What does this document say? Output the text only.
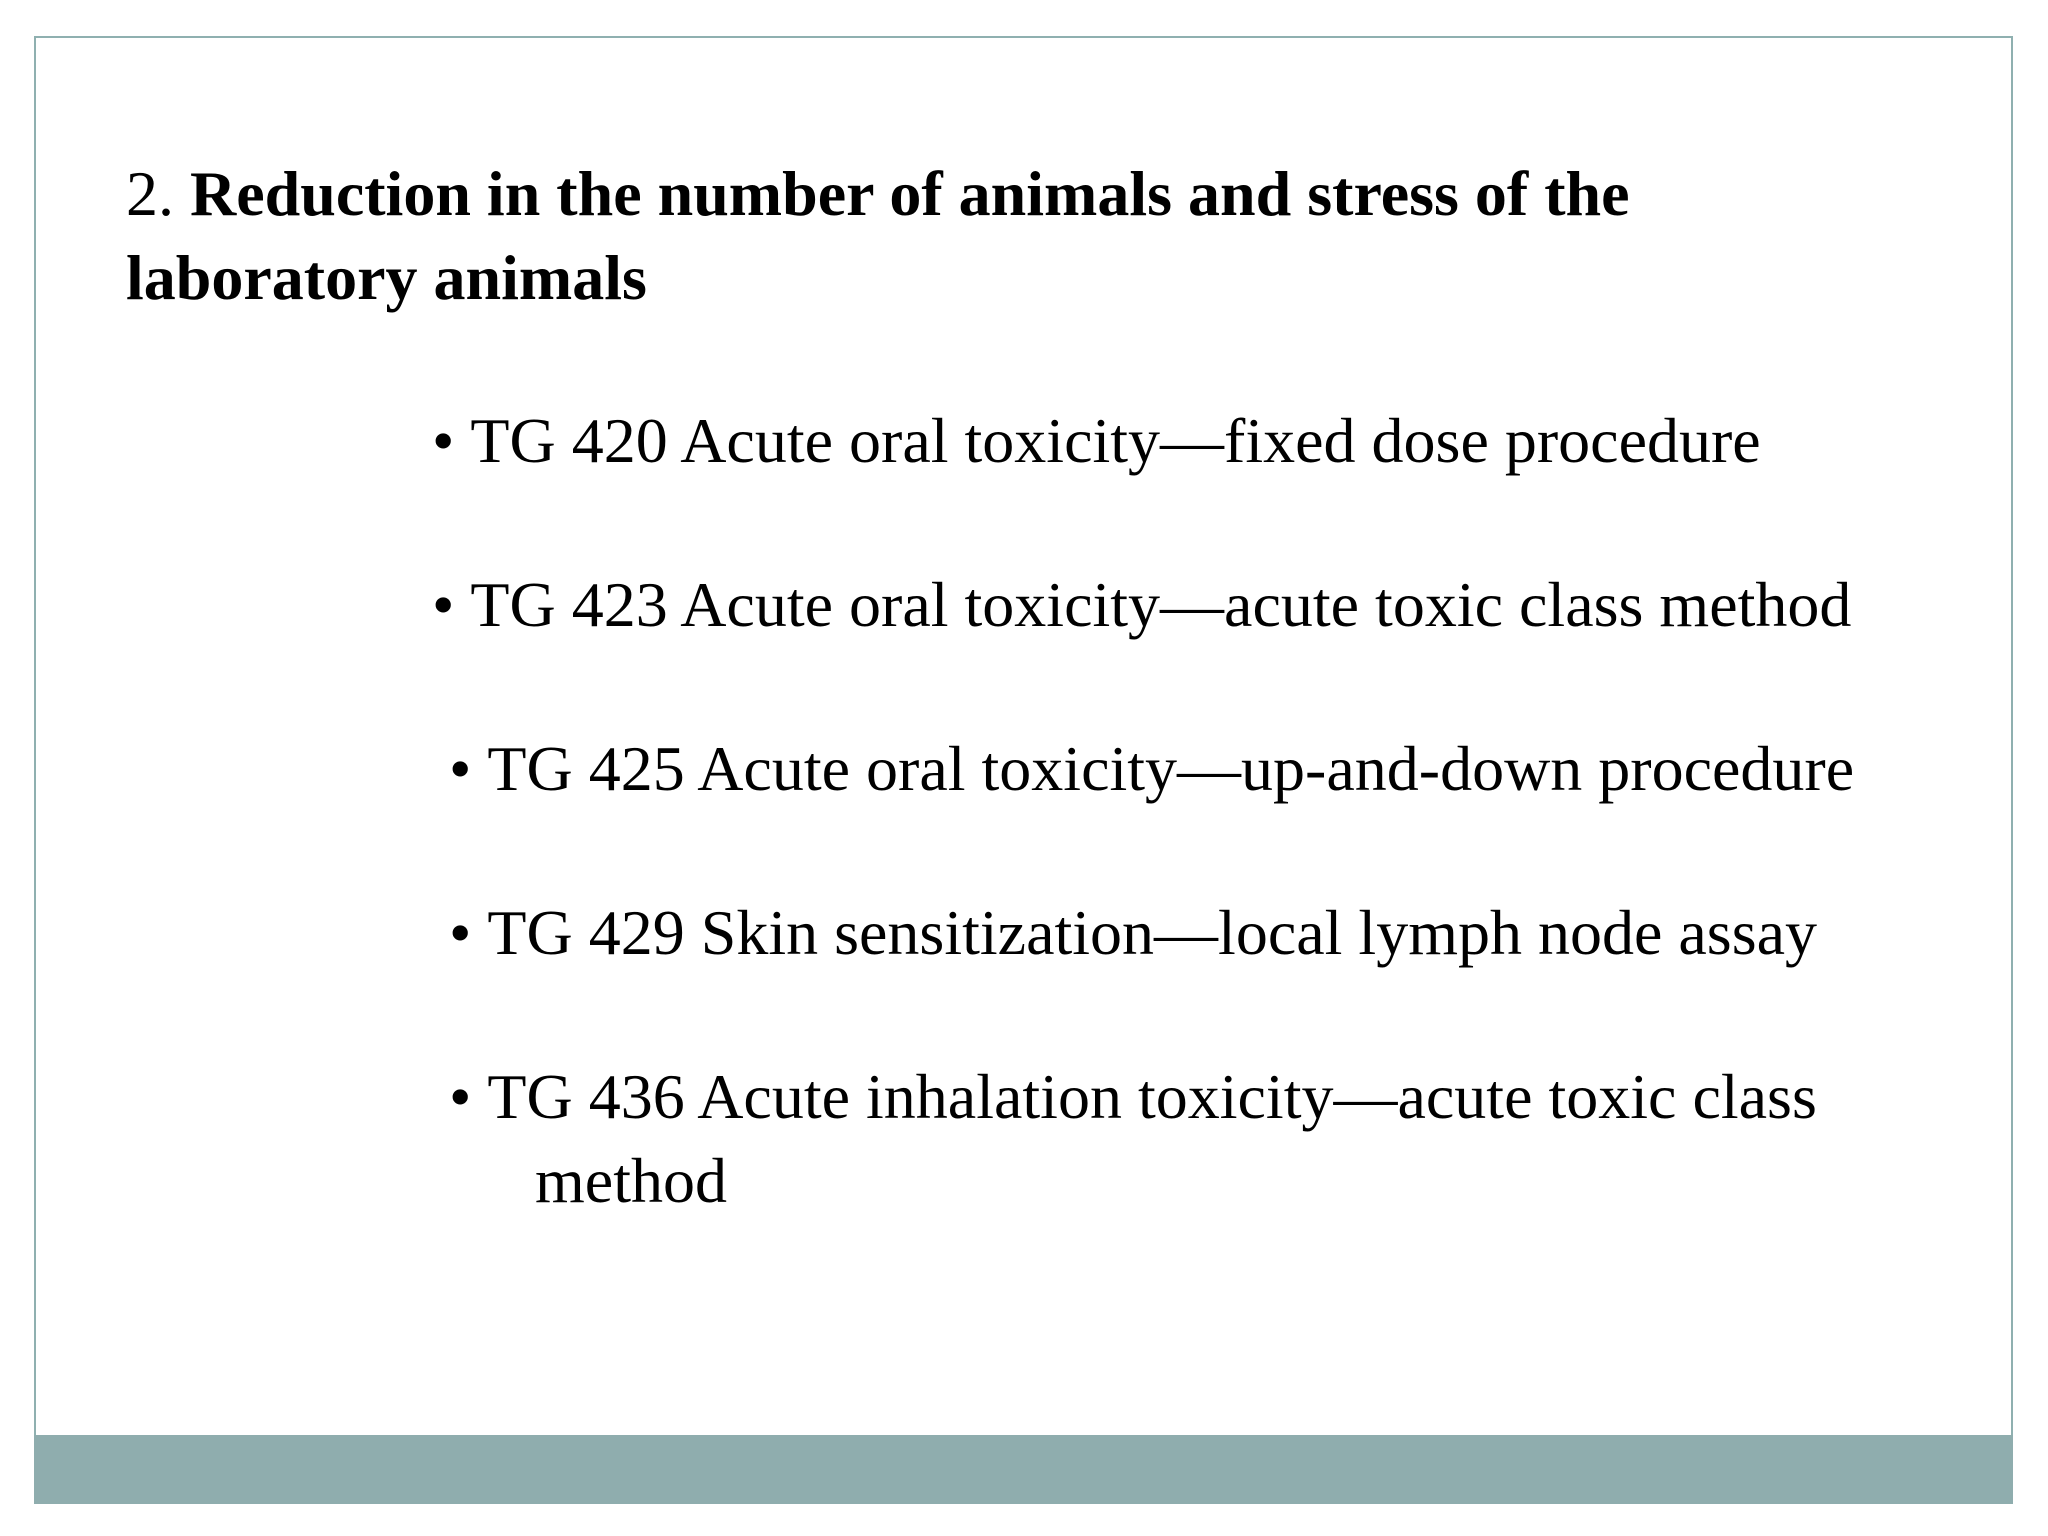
2. Reduction in the number of animals and stress of the laboratory animals
• TG 420 Acute oral toxicity—fixed dose procedure
• TG 423 Acute oral toxicity—acute toxic class method
• TG 425 Acute oral toxicity—up-and-down procedure
• TG 429 Skin sensitization—local lymph node assay
• TG 436 Acute inhalation toxicity—acute toxic class
method
